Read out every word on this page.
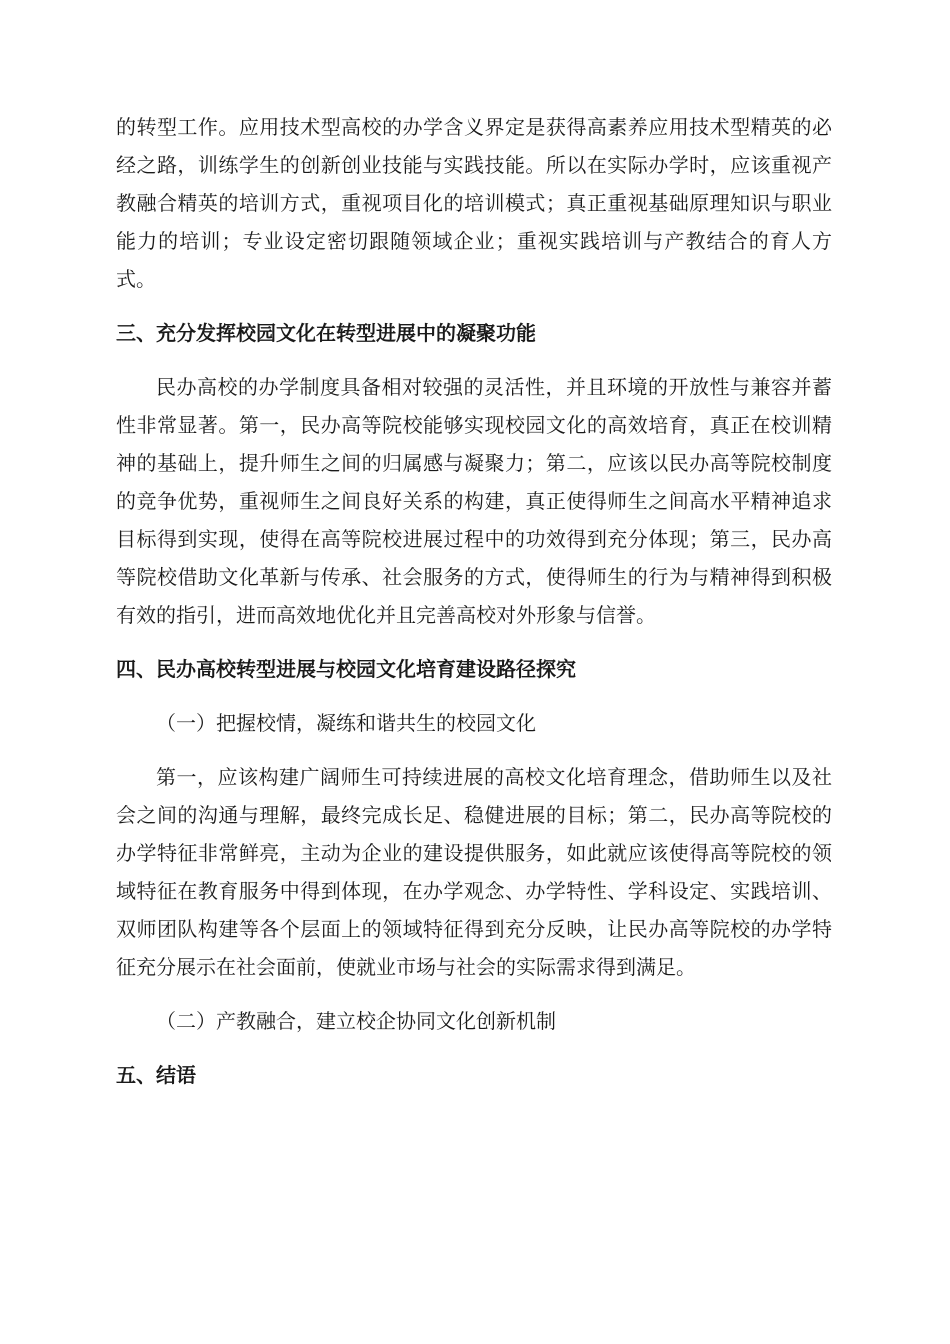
的转型工作。应用技术型高校的办学含义界定是获得高素养应用技术型精英的必经之路，训练学生的创新创业技能与实践技能。所以在实际办学时，应该重视产教融合精英的培训方式，重视项目化的培训模式；真正重视基础原理知识与职业能力的培训；专业设定密切跟随领域企业；重视实践培训与产教结合的育人方式。

三、充分发挥校园文化在转型进展中的凝聚功能

民办高校的办学制度具备相对较强的灵活性，并且环境的开放性与兼容并蓄性非常显著。第一，民办高等院校能够实现校园文化的高效培育，真正在校训精神的基础上，提升师生之间的归属感与凝聚力；第二，应该以民办高等院校制度的竞争优势，重视师生之间良好关系的构建，真正使得师生之间高水平精神追求目标得到实现，使得在高等院校进展过程中的功效得到充分体现；第三，民办高等院校借助文化革新与传承、社会服务的方式，使得师生的行为与精神得到积极有效的指引，进而高效地优化并且完善高校对外形象与信誉。

四、民办高校转型进展与校园文化培育建设路径探究

（一）把握校情，凝练和谐共生的校园文化

第一，应该构建广阔师生可持续进展的高校文化培育理念，借助师生以及社会之间的沟通与理解，最终完成长足、稳健进展的目标；第二，民办高等院校的办学特征非常鲜亮，主动为企业的建设提供服务，如此就应该使得高等院校的领域特征在教育服务中得到体现，在办学观念、办学特性、学科设定、实践培训、双师团队构建等各个层面上的领域特征得到充分反映，让民办高等院校的办学特征充分展示在社会面前，使就业市场与社会的实际需求得到满足。

（二）产教融合，建立校企协同文化创新机制

五、结语
